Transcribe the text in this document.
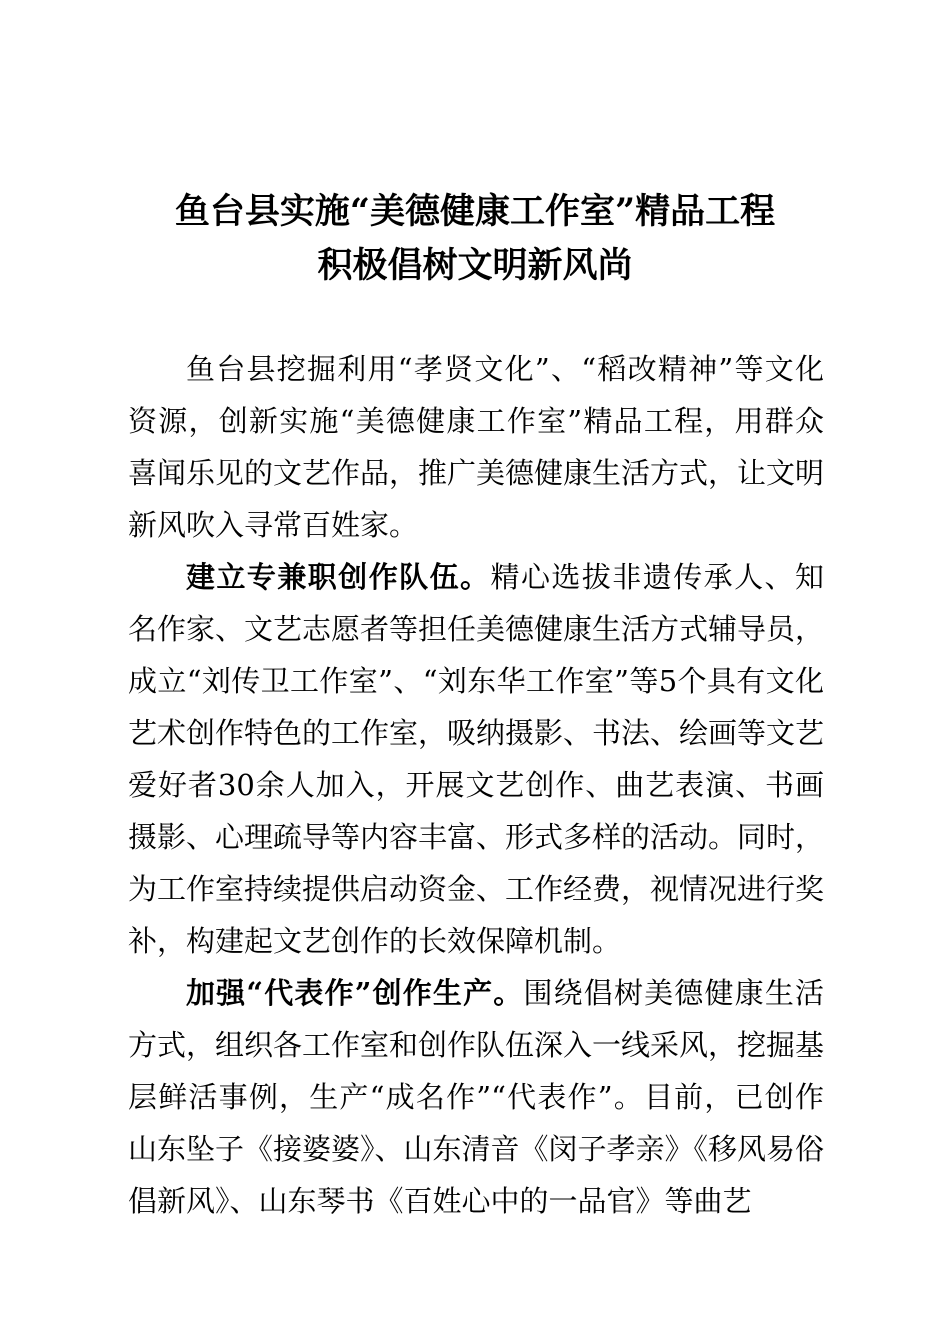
鱼台县实施“美德健康工作室”精品工程
积极倡树文明新风尚

鱼台县挖掘利用“孝贤文化”、“稻改精神”等文化资源，创新实施“美德健康工作室”精品工程，用群众喜闻乐见的文艺作品，推广美德健康生活方式，让文明新风吹入寻常百姓家。

建立专兼职创作队伍。精心选拔非遗传承人、知名作家、文艺志愿者等担任美德健康生活方式辅导员，成立“刘传卫工作室”、“刘东华工作室”等5个具有文化艺术创作特色的工作室，吸纳摄影、书法、绘画等文艺爱好者30余人加入，开展文艺创作、曲艺表演、书画摄影、心理疏导等内容丰富、形式多样的活动。同时，为工作室持续提供启动资金、工作经费，视情况进行奖补，构建起文艺创作的长效保障机制。

加强“代表作”创作生产。围绕倡树美德健康生活方式，组织各工作室和创作队伍深入一线采风，挖掘基层鲜活事例，生产“成名作”“代表作”。目前，已创作山东坠子《接婆婆》、山东清音《闵子孝亲》《移风易俗倡新风》、山东琴书《百姓心中的一品官》等曲艺
